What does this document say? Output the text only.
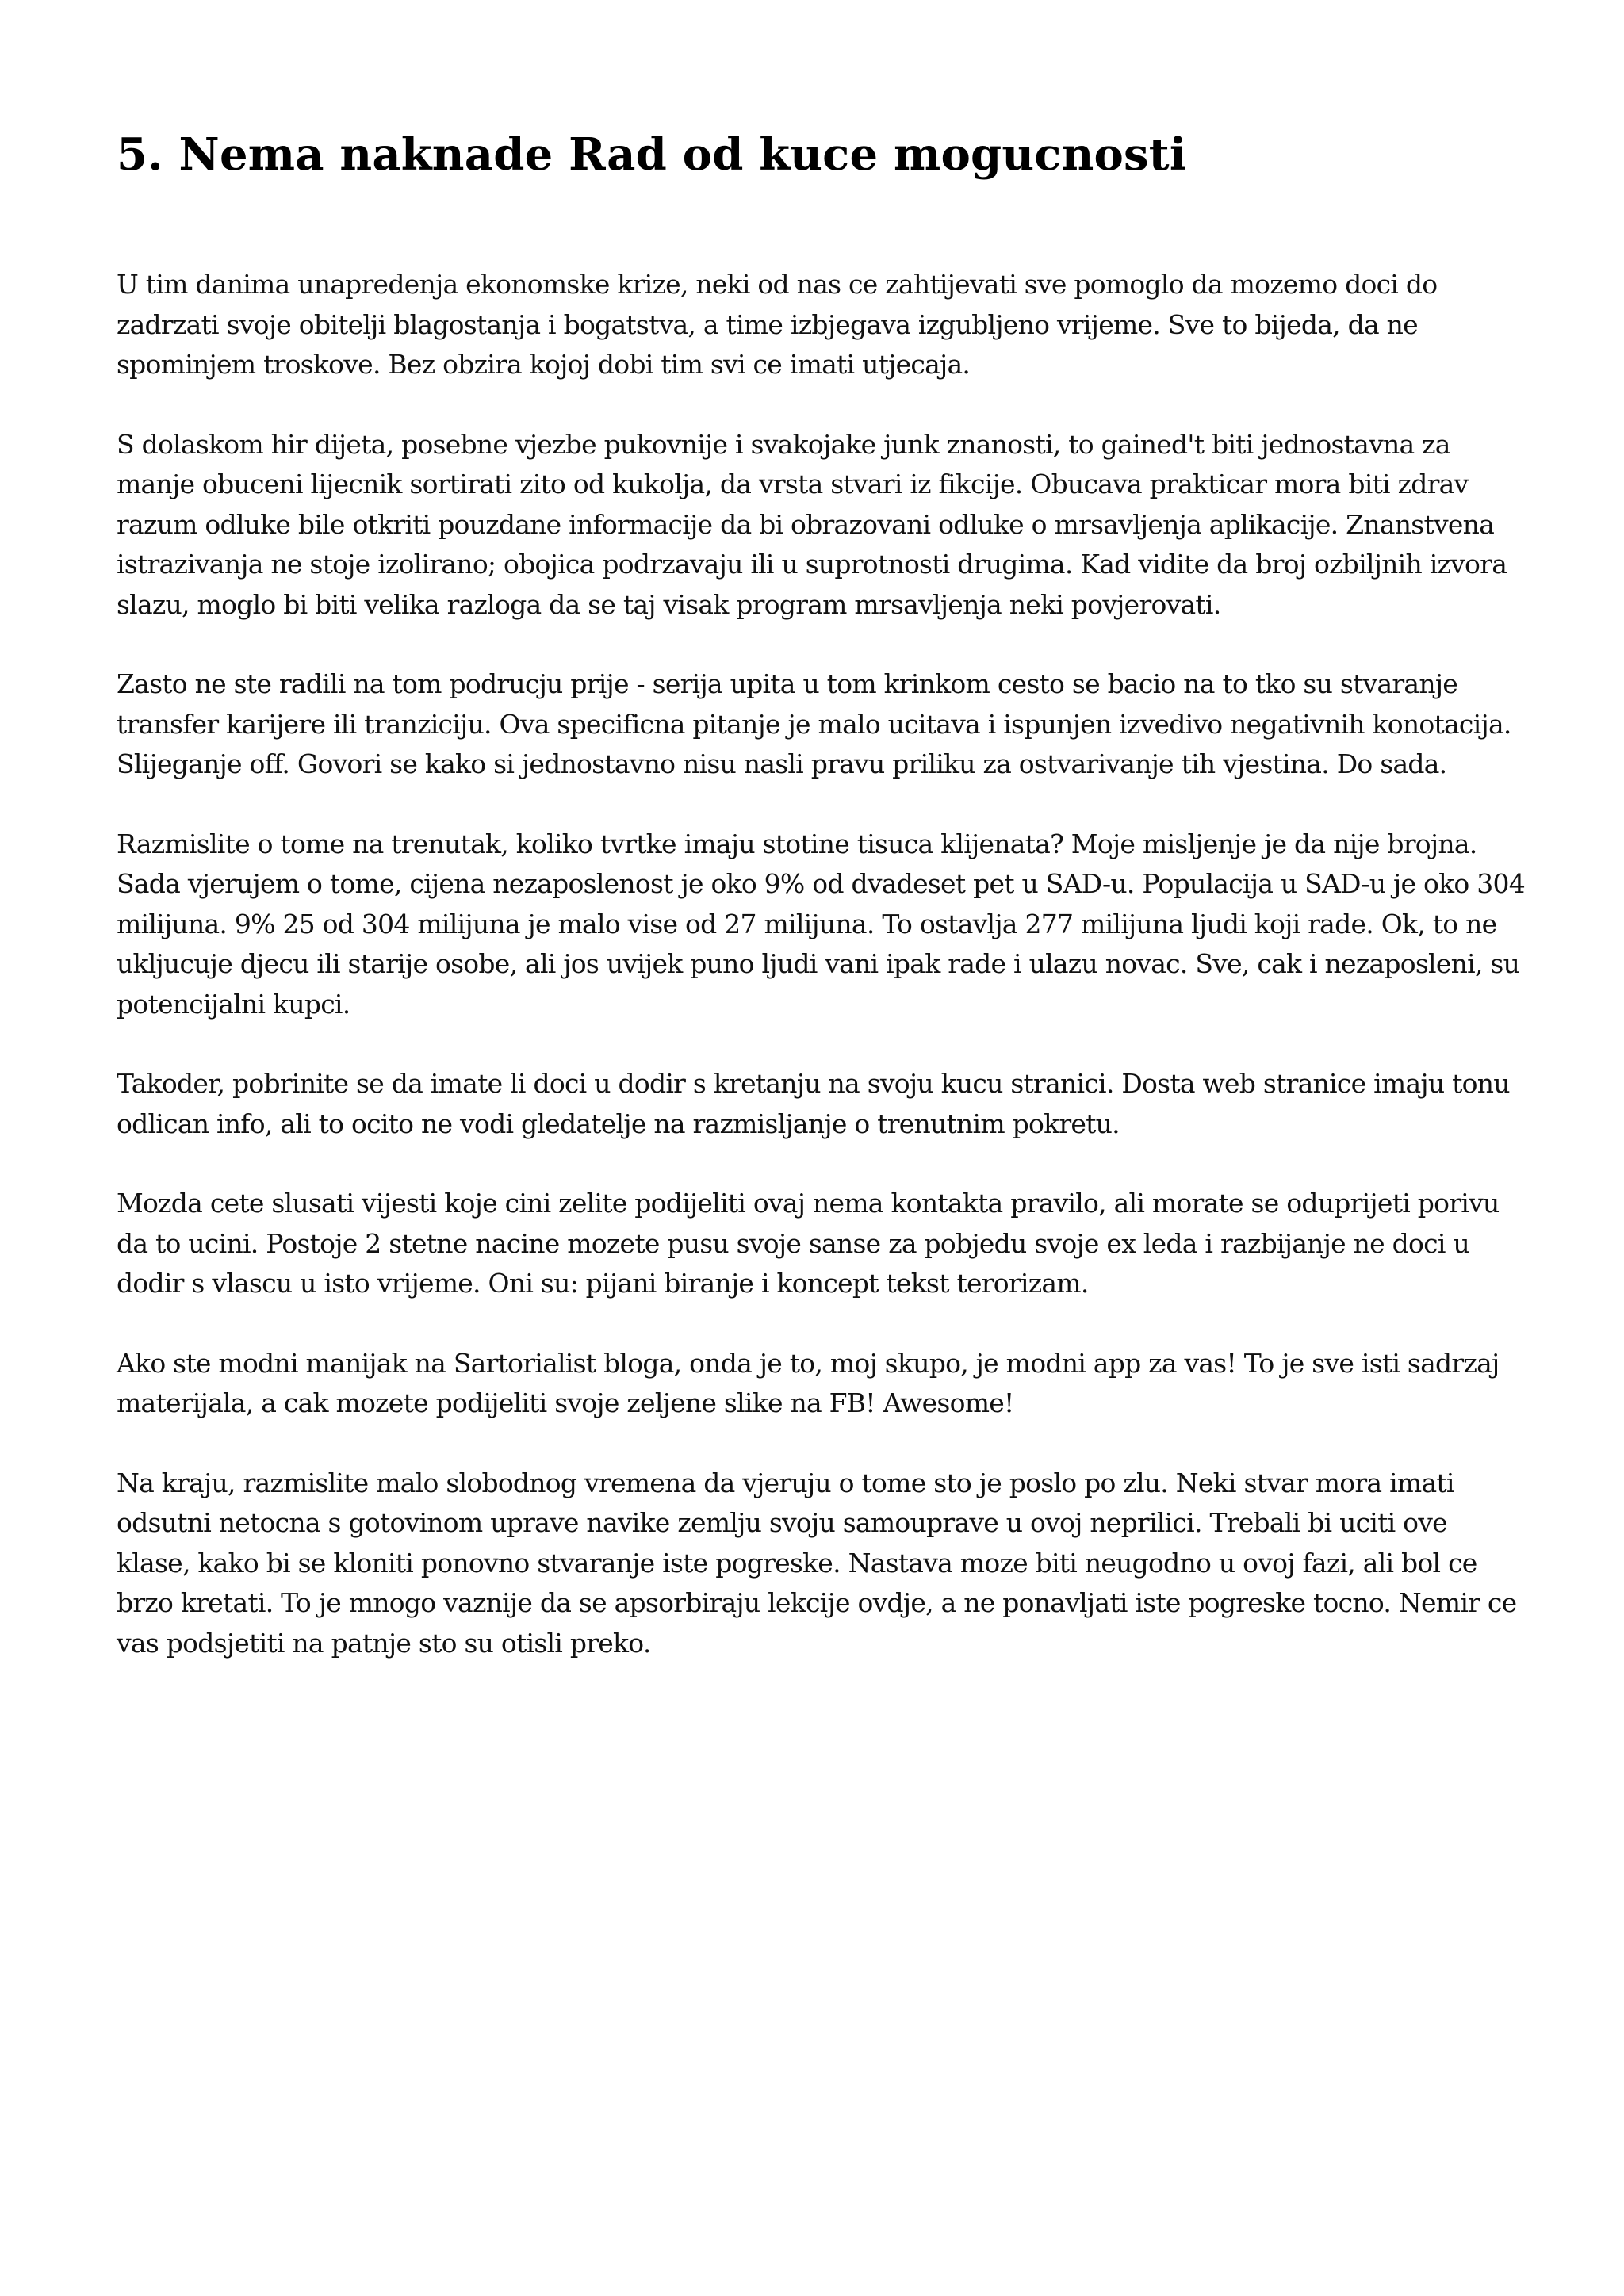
5. Nema naknade Rad od kuce mogucnosti

U tim danima unapredenja ekonomske krize, neki od nas ce zahtijevati sve pomoglo da mozemo doci do zadrzati svoje obitelji blagostanja i bogatstva, a time izbjegava izgubljeno vrijeme. Sve to bijeda, da ne spominjem troskove. Bez obzira kojoj dobi tim svi ce imati utjecaja.

S dolaskom hir dijeta, posebne vjezbe pukovnije i svakojake junk znanosti, to gained't biti jednostavna za manje obuceni lijecnik sortirati zito od kukolja, da vrsta stvari iz fikcije. Obucava prakticar mora biti zdrav razum odluke bile otkriti pouzdane informacije da bi obrazovani odluke o mrsavljenja aplikacije. Znanstvena istrazivanja ne stoje izolirano; obojica podrzavaju ili u suprotnosti drugima. Kad vidite da broj ozbiljnih izvora slazu, moglo bi biti velika razloga da se taj visak program mrsavljenja neki povjerovati.

Zasto ne ste radili na tom podrucju prije - serija upita u tom krinkom cesto se bacio na to tko su stvaranje transfer karijere ili tranziciju. Ova specificna pitanje je malo ucitava i ispunjen izvedivo negativnih konotacija. Slijeganje off. Govori se kako si jednostavno nisu nasli pravu priliku za ostvarivanje tih vjestina. Do sada.

Razmislite o tome na trenutak, koliko tvrtke imaju stotine tisuca klijenata? Moje misljenje je da nije brojna. Sada vjerujem o tome, cijena nezaposlenost je oko 9% od dvadeset pet u SAD-u. Populacija u SAD-u je oko 304 milijuna. 9% 25 od 304 milijuna je malo vise od 27 milijuna. To ostavlja 277 milijuna ljudi koji rade. Ok, to ne ukljucuje djecu ili starije osobe, ali jos uvijek puno ljudi vani ipak rade i ulazu novac. Sve, cak i nezaposleni, su potencijalni kupci.

Takoder, pobrinite se da imate li doci u dodir s kretanju na svoju kucu stranici. Dosta web stranice imaju tonu odlican info, ali to ocito ne vodi gledatelje na razmisljanje o trenutnim pokretu.

Mozda cete slusati vijesti koje cini zelite podijeliti ovaj nema kontakta pravilo, ali morate se oduprijeti porivu da to ucini. Postoje 2 stetne nacine mozete pusu svoje sanse za pobjedu svoje ex leda i razbijanje ne doci u dodir s vlascu u isto vrijeme. Oni su: pijani biranje i koncept tekst terorizam.

Ako ste modni manijak na Sartorialist bloga, onda je to, moj skupo, je modni app za vas! To je sve isti sadrzaj materijala, a cak mozete podijeliti svoje zeljene slike na FB! Awesome!

Na kraju, razmislite malo slobodnog vremena da vjeruju o tome sto je poslo po zlu. Neki stvar mora imati odsutni netocna s gotovinom uprave navike zemlju svoju samouprave u ovoj neprilici. Trebali bi uciti ove klase, kako bi se kloniti ponovno stvaranje iste pogreske. Nastava moze biti neugodno u ovoj fazi, ali bol ce brzo kretati. To je mnogo vaznije da se apsorbiraju lekcije ovdje, a ne ponavljati iste pogreske tocno. Nemir ce vas podsjetiti na patnje sto su otisli preko.
